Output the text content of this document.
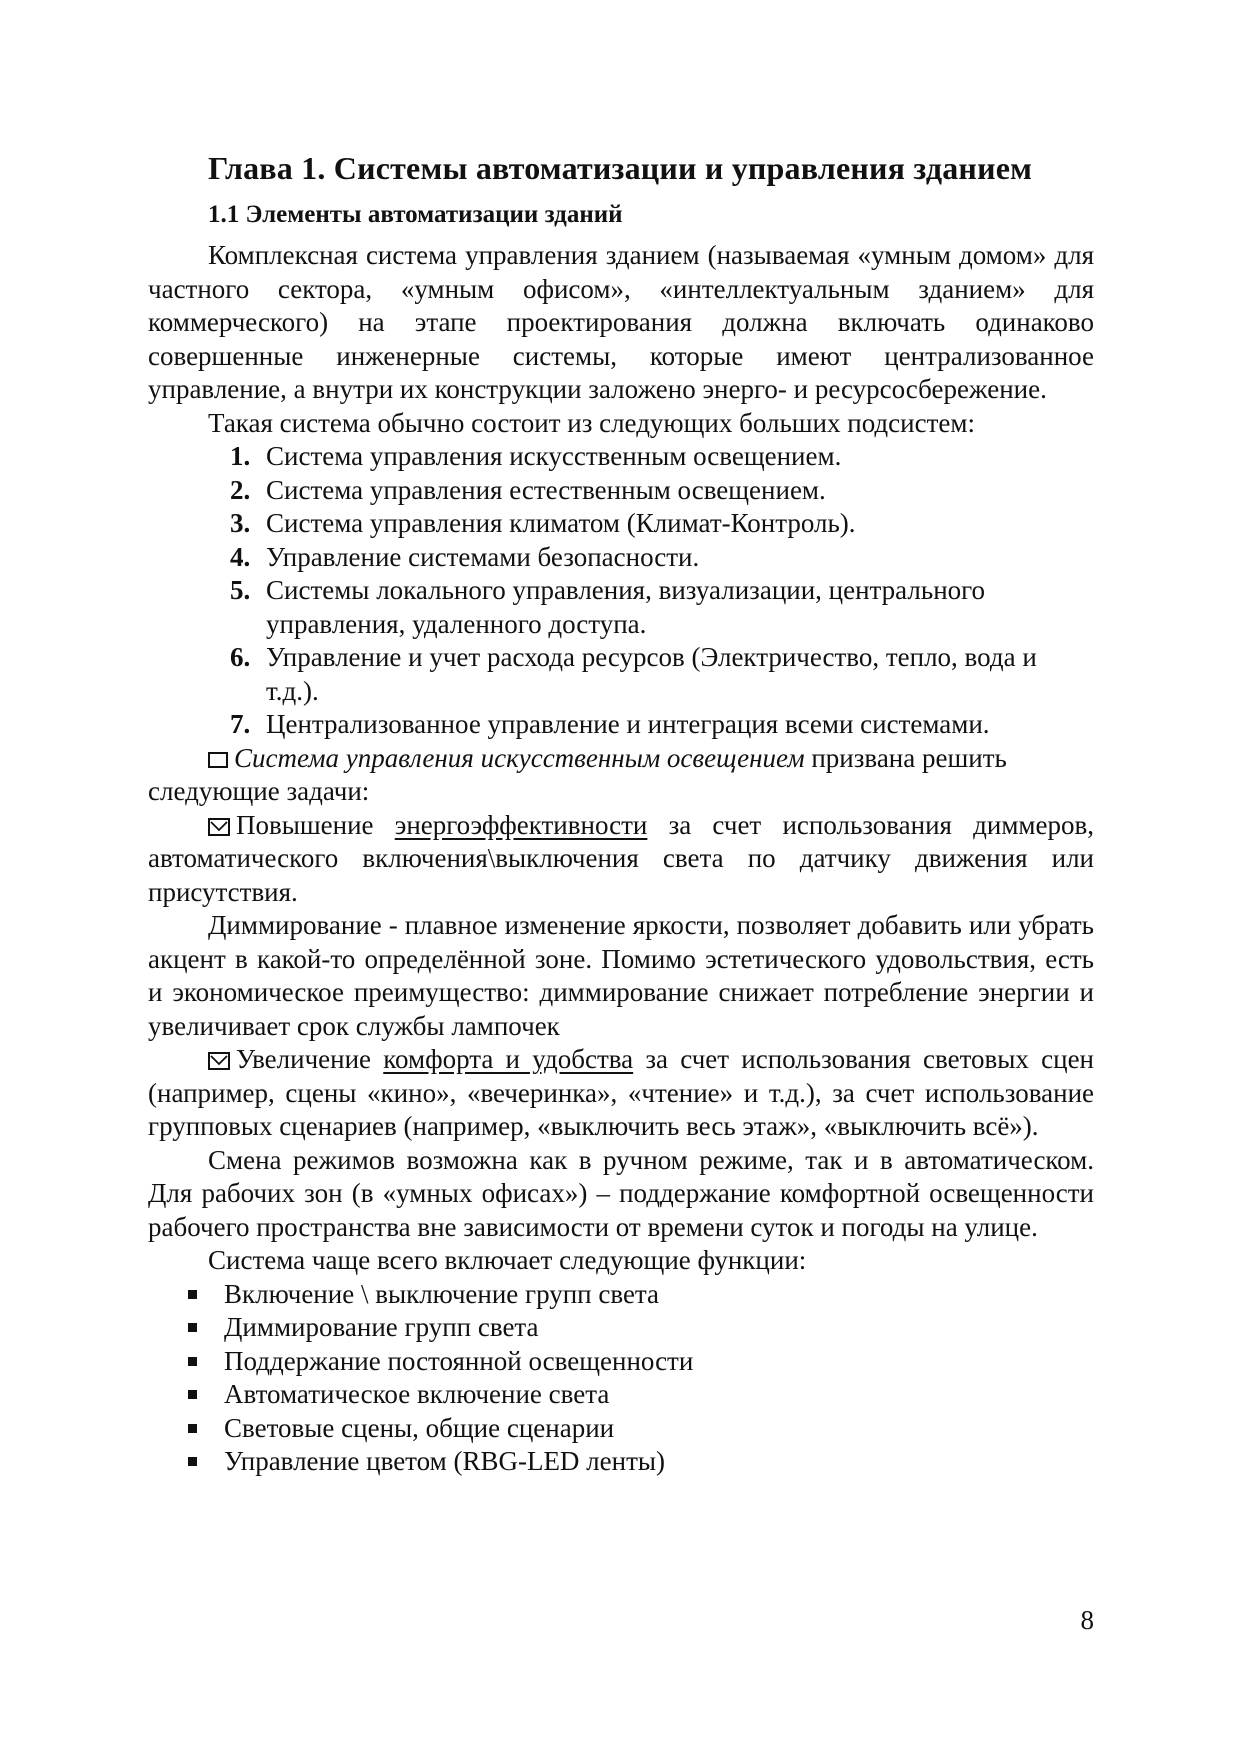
Глава 1. Системы автоматизации и управления зданием
1.1 Элементы автоматизации зданий

Комплексная система управления зданием (называемая «умным домом» для частного сектора, «умным офисом», «интеллектуальным зданием» для коммерческого) на этапе проектирования должна включать одинаково совершенные инженерные системы, которые имеют централизованное управление, а внутри их конструкции заложено энерго- и ресурсосбережение.

Такая система обычно состоит из следующих больших подсистем:

1. Система управления искусственным освещением.
2. Система управления естественным освещением.
3. Система управления климатом (Климат-Контроль).
4. Управление системами безопасности.
5. Системы локального управления, визуализации, центрального управления, удаленного доступа.
6. Управление и учет расхода ресурсов (Электричество, тепло, вода и т.д.).
7. Централизованное управление и интеграция всеми системами.

Система управления искусственным освещением призвана решить следующие задачи:

Повышение энергоэффективности за счет использования диммеров, автоматического включения\выключения света по датчику движения или присутствия.

Диммирование - плавное изменение яркости, позволяет добавить или убрать акцент в какой-то определённой зоне. Помимо эстетического удовольствия, есть и экономическое преимущество: диммирование снижает потребление энергии и увеличивает срок службы лампочек

Увеличение комфорта и удобства за счет использования световых сцен (например, сцены «кино», «вечеринка», «чтение» и т.д.), за счет использование групповых сценариев (например, «выключить весь этаж», «выключить всё»).

Смена режимов возможна как в ручном режиме, так и в автоматическом. Для рабочих зон (в «умных офисах») – поддержание комфортной освещенности рабочего пространства вне зависимости от времени суток и погоды на улице.

Система чаще всего включает следующие функции:

Включение \ выключение групп света
Диммирование групп света
Поддержание постоянной освещенности
Автоматическое включение света
Световые сцены, общие сценарии
Управление цветом (RBG-LED ленты)
8
